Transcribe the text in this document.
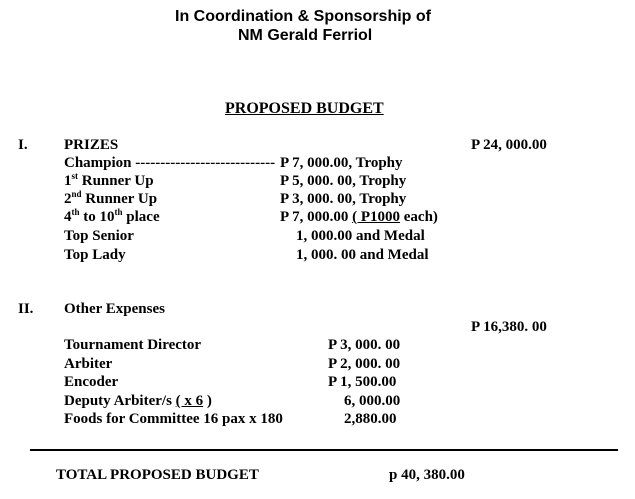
In Coordination & Sponsorship of
NM Gerald Ferriol
PROPOSED BUDGET
I. PRIZES	P 24, 000.00
Champion ---------------------------- P 7, 000.00, Trophy
1st Runner Up	P 5, 000. 00, Trophy
2nd Runner Up	P 3, 000. 00, Trophy
4th to 10th place	P 7, 000.00 ( P1000 each)
Top Senior	1, 000.00 and Medal
Top Lady	1, 000. 00 and Medal
II. Other Expenses
P 16,380. 00
Tournament Director	P 3, 000. 00
Arbiter	P 2, 000. 00
Encoder	P 1, 500.00
Deputy Arbiter/s ( x 6 )	6, 000.00
Foods for Committee 16 pax x 180	2,880.00
TOTAL PROPOSED BUDGET	p 40, 380.00
